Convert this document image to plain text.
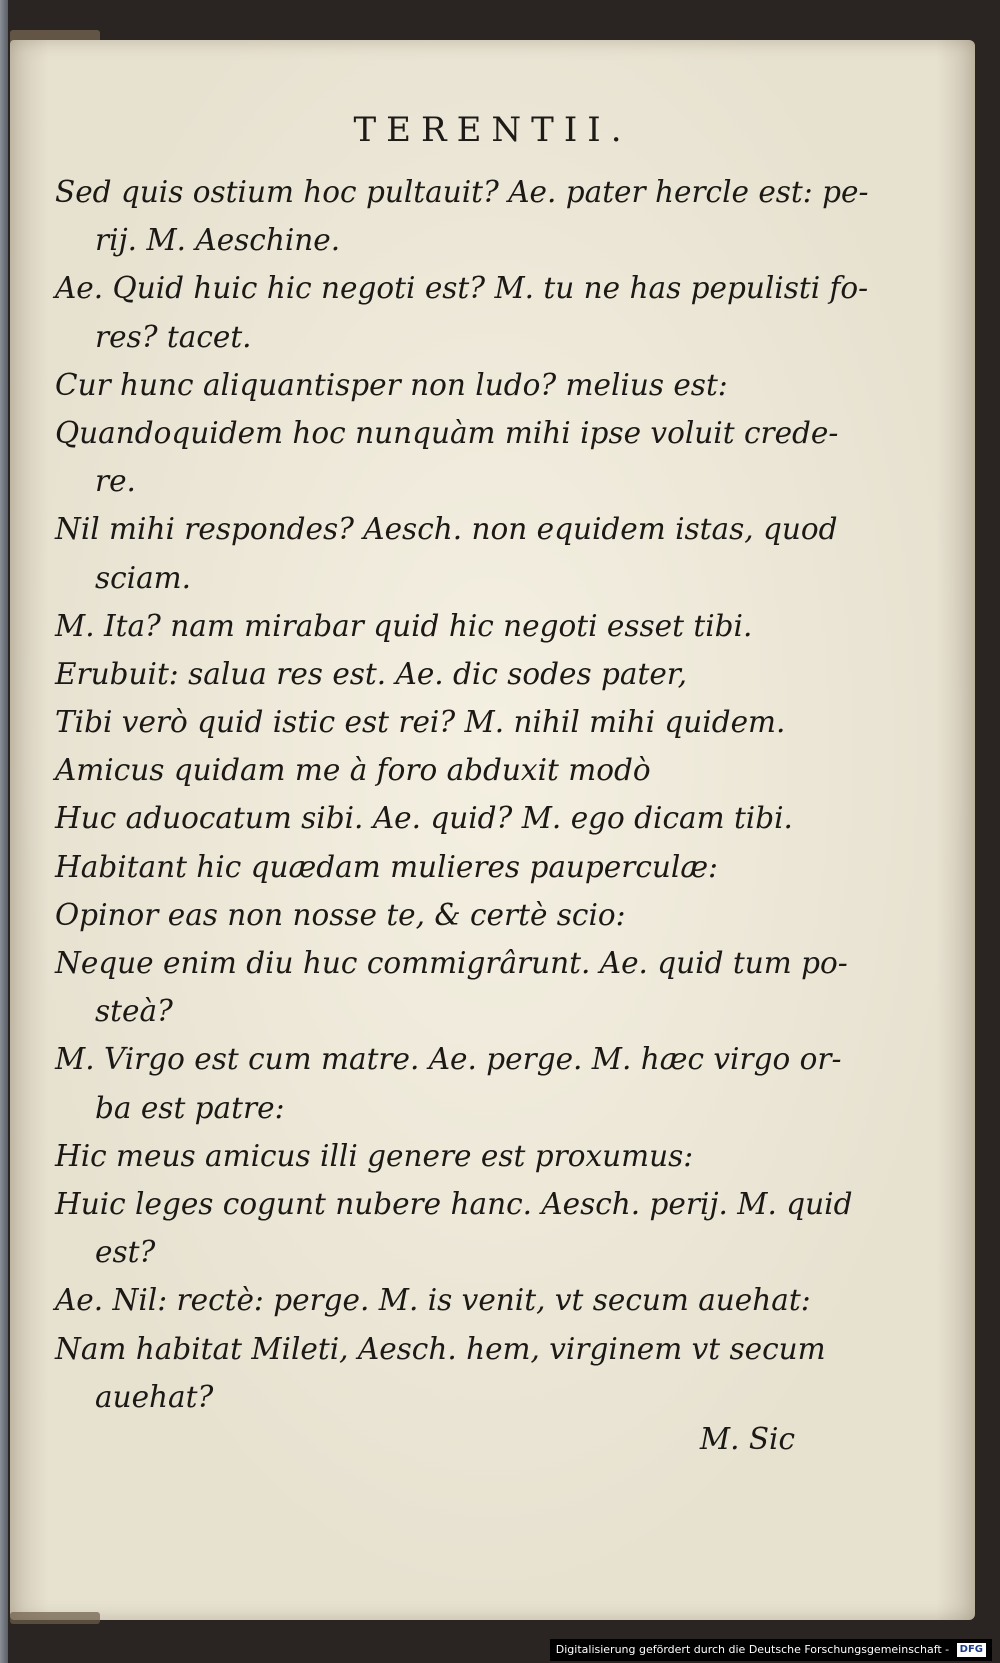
TERENTII.
Sed quis ostium hoc pultauit? Ae. pater hercle est: pe-
rij. M. Aeschine.
Ae. Quid huic hic negoti est? M. tu ne has pepulisti fo-
res? tacet.
Cur hunc aliquantisper non ludo? melius est:
Quandoquidem hoc nunquàm mihi ipse voluit crede-
re.
Nil mihi respondes? Aesch. non equidem istas, quod
sciam.
M. Ita? nam mirabar quid hic negoti esset tibi.
Erubuit: salua res est. Ae. dic sodes pater,
Tibi verò quid istic est rei? M. nihil mihi quidem.
Amicus quidam me à foro abduxit modò
Huc aduocatum sibi. Ae. quid? M. ego dicam tibi.
Habitant hic quædam mulieres pauperculæ:
Opinor eas non nosse te, & certè scio:
Neque enim diu huc commigrârunt. Ae. quid tum po-
steà?
M. Virgo est cum matre. Ae. perge. M. hæc virgo or-
ba est patre:
Hic meus amicus illi genere est proxumus:
Huic leges cogunt nubere hanc. Aesch. perij. M. quid
est?
Ae. Nil: rectè: perge. M. is venit, vt secum auehat:
Nam habitat Mileti, Aesch. hem, virginem vt secum
auehat?
M. Sic
Digitalisierung gefördert durch die Deutsche Forschungsgemeinschaft - DFG
